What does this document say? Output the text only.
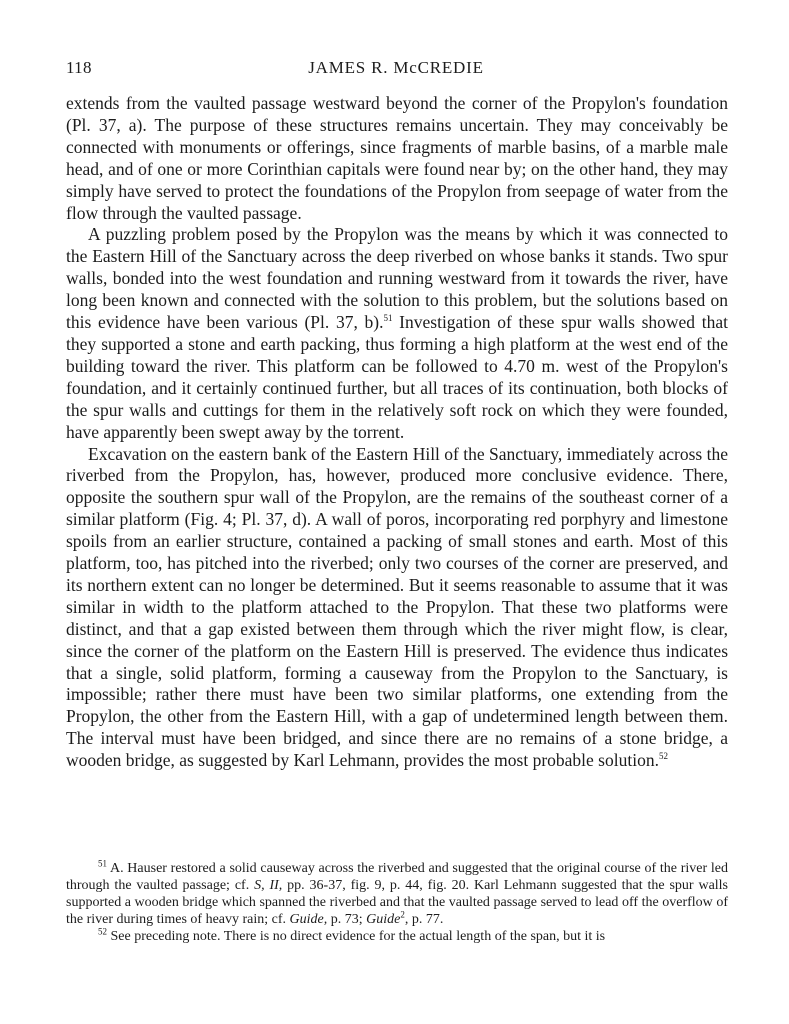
118	JAMES R. McCREDIE

extends from the vaulted passage westward beyond the corner of the Propylon's foundation (Pl. 37, a). The purpose of these structures remains uncertain. They may conceivably be connected with monuments or offerings, since fragments of marble basins, of a marble male head, and of one or more Corinthian capitals were found near by; on the other hand, they may simply have served to protect the foundations of the Propylon from seepage of water from the flow through the vaulted passage.

A puzzling problem posed by the Propylon was the means by which it was connected to the Eastern Hill of the Sanctuary across the deep riverbed on whose banks it stands. Two spur walls, bonded into the west foundation and running westward from it towards the river, have long been known and connected with the solution to this problem, but the solutions based on this evidence have been various (Pl. 37, b).$^{51}$ Investigation of these spur walls showed that they supported a stone and earth packing, thus forming a high platform at the west end of the building toward the river. This platform can be followed to 4.70 m. west of the Propylon's foundation, and it certainly continued further, but all traces of its continuation, both blocks of the spur walls and cuttings for them in the relatively soft rock on which they were founded, have apparently been swept away by the torrent.

Excavation on the eastern bank of the Eastern Hill of the Sanctuary, immediately across the riverbed from the Propylon, has, however, produced more conclusive evidence. There, opposite the southern spur wall of the Propylon, are the remains of the southeast corner of a similar platform (Fig. 4; Pl. 37, d). A wall of poros, incorporating red porphyry and limestone spoils from an earlier structure, contained a packing of small stones and earth. Most of this platform, too, has pitched into the riverbed; only two courses of the corner are preserved, and its northern extent can no longer be determined. But it seems reasonable to assume that it was similar in width to the platform attached to the Propylon. That these two platforms were distinct, and that a gap existed between them through which the river might flow, is clear, since the corner of the platform on the Eastern Hill is preserved. The evidence thus indicates that a single, solid platform, forming a causeway from the Propylon to the Sanctuary, is impossible; rather there must have been two similar platforms, one extending from the Propylon, the other from the Eastern Hill, with a gap of undetermined length between them. The interval must have been bridged, and since there are no remains of a stone bridge, a wooden bridge, as suggested by Karl Lehmann, provides the most probable solution.$^{52}$

$^{51}$ A. Hauser restored a solid causeway across the riverbed and suggested that the original course of the river led through the vaulted passage; cf. S, II, pp. 36-37, fig. 9, p. 44, fig. 20. Karl Lehmann suggested that the spur walls supported a wooden bridge which spanned the riverbed and that the vaulted passage served to lead off the overflow of the river during times of heavy rain; cf. Guide, p. 73; Guide$^2$, p. 77.

$^{52}$ See preceding note. There is no direct evidence for the actual length of the span, but it is
